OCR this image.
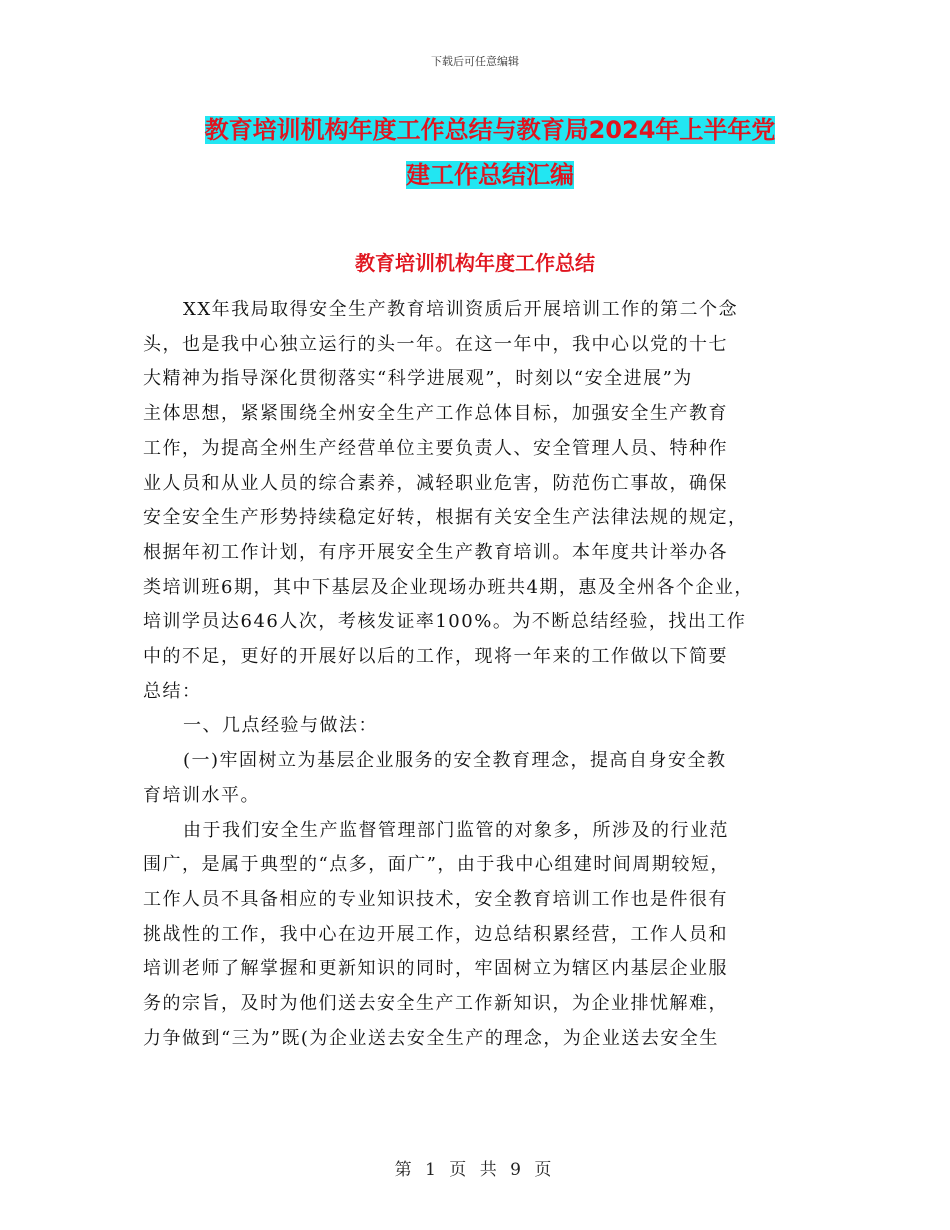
下载后可任意编辑
教育培训机构年度工作总结与教育局2024年上半年党
建工作总结汇编
教育培训机构年度工作总结
XX年我局取得安全生产教育培训资质后开展培训工作的第二个念
头，也是我中心独立运行的头一年。在这一年中，我中心以党的十七
大精神为指导深化贯彻落实“科学进展观”，时刻以“安全进展”为
主体思想，紧紧围绕全州安全生产工作总体目标，加强安全生产教育
工作，为提高全州生产经营单位主要负责人、安全管理人员、特种作
业人员和从业人员的综合素养，减轻职业危害，防范伤亡事故，确保
安全安全生产形势持续稳定好转，根据有关安全生产法律法规的规定，
根据年初工作计划，有序开展安全生产教育培训。本年度共计举办各
类培训班6期，其中下基层及企业现场办班共4期，惠及全州各个企业，
培训学员达646人次，考核发证率100%。为不断总结经验，找出工作
中的不足，更好的开展好以后的工作，现将一年来的工作做以下简要
总结：
一、几点经验与做法：
(一)牢固树立为基层企业服务的安全教育理念，提高自身安全教
育培训水平。
由于我们安全生产监督管理部门监管的对象多，所涉及的行业范
围广，是属于典型的“点多，面广”，由于我中心组建时间周期较短，
工作人员不具备相应的专业知识技术，安全教育培训工作也是件很有
挑战性的工作，我中心在边开展工作，边总结积累经营，工作人员和
培训老师了解掌握和更新知识的同时，牢固树立为辖区内基层企业服
务的宗旨，及时为他们送去安全生产工作新知识，为企业排忧解难，
力争做到“三为”既(为企业送去安全生产的理念，为企业送去安全生
第 1 页 共 9 页
